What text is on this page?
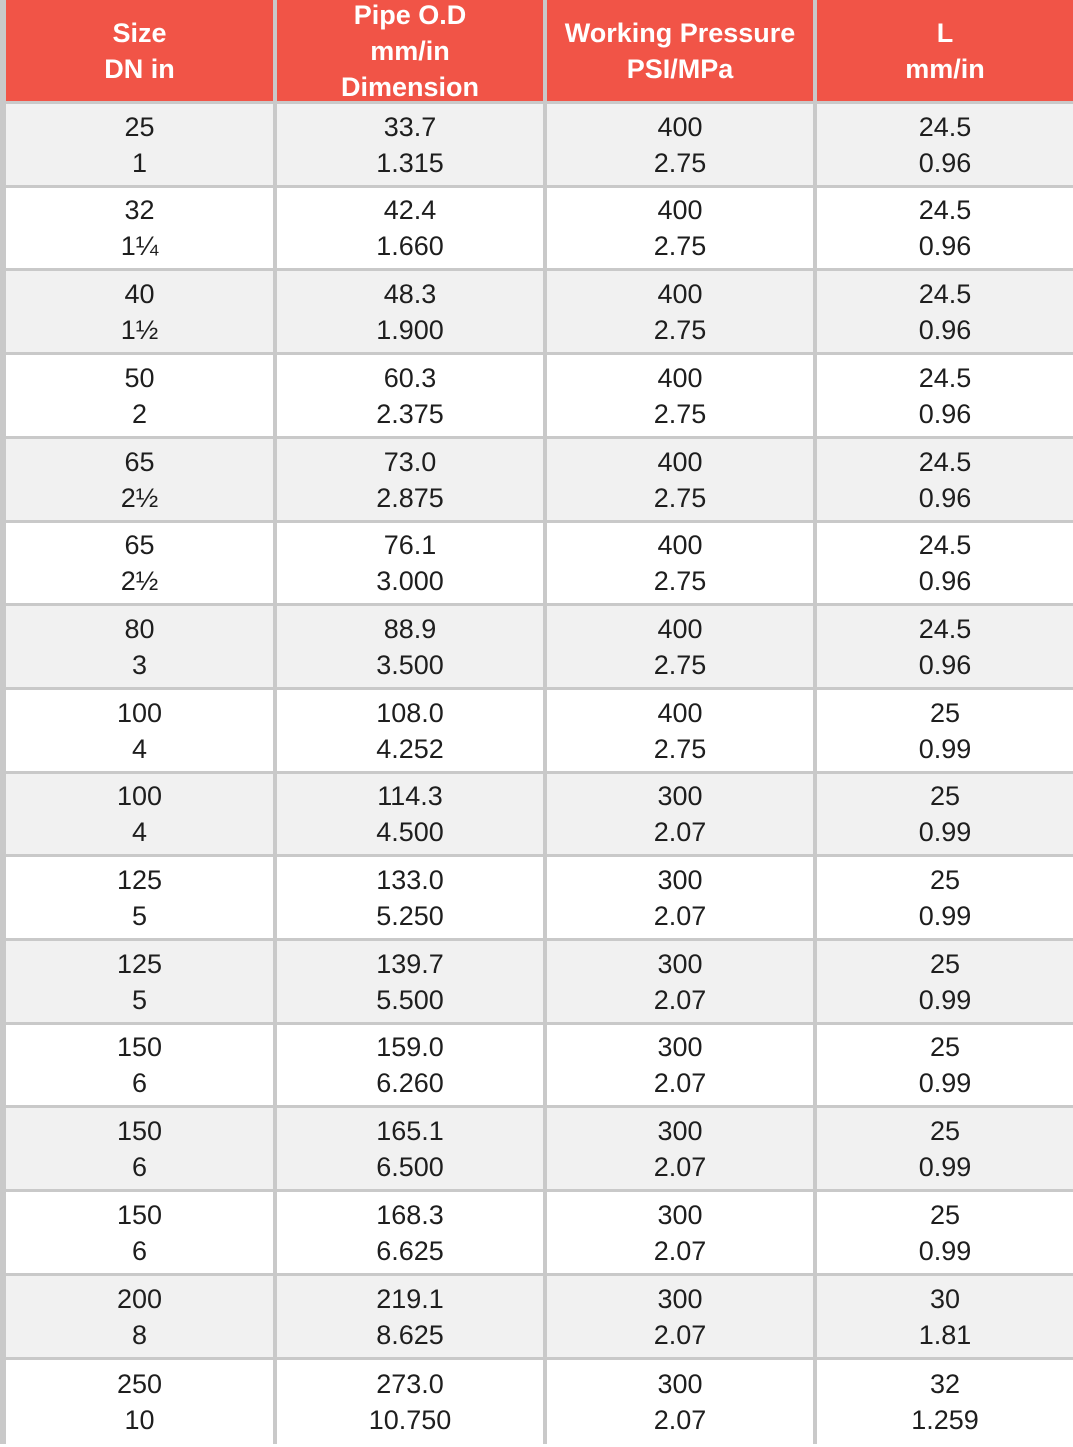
Size
DN in
Pipe O.D
mm/in
Dimension
Working Pressure
PSI/MPa
L
mm/in
25
1
33.7
1.315
400
2.75
24.5
0.96
32
1¼
42.4
1.660
400
2.75
24.5
0.96
40
1½
48.3
1.900
400
2.75
24.5
0.96
50
2
60.3
2.375
400
2.75
24.5
0.96
65
2½
73.0
2.875
400
2.75
24.5
0.96
65
2½
76.1
3.000
400
2.75
24.5
0.96
80
3
88.9
3.500
400
2.75
24.5
0.96
100
4
108.0
4.252
400
2.75
25
0.99
100
4
114.3
4.500
300
2.07
25
0.99
125
5
133.0
5.250
300
2.07
25
0.99
125
5
139.7
5.500
300
2.07
25
0.99
150
6
159.0
6.260
300
2.07
25
0.99
150
6
165.1
6.500
300
2.07
25
0.99
150
6
168.3
6.625
300
2.07
25
0.99
200
8
219.1
8.625
300
2.07
30
1.81
250
10
273.0
10.750
300
2.07
32
1.259
